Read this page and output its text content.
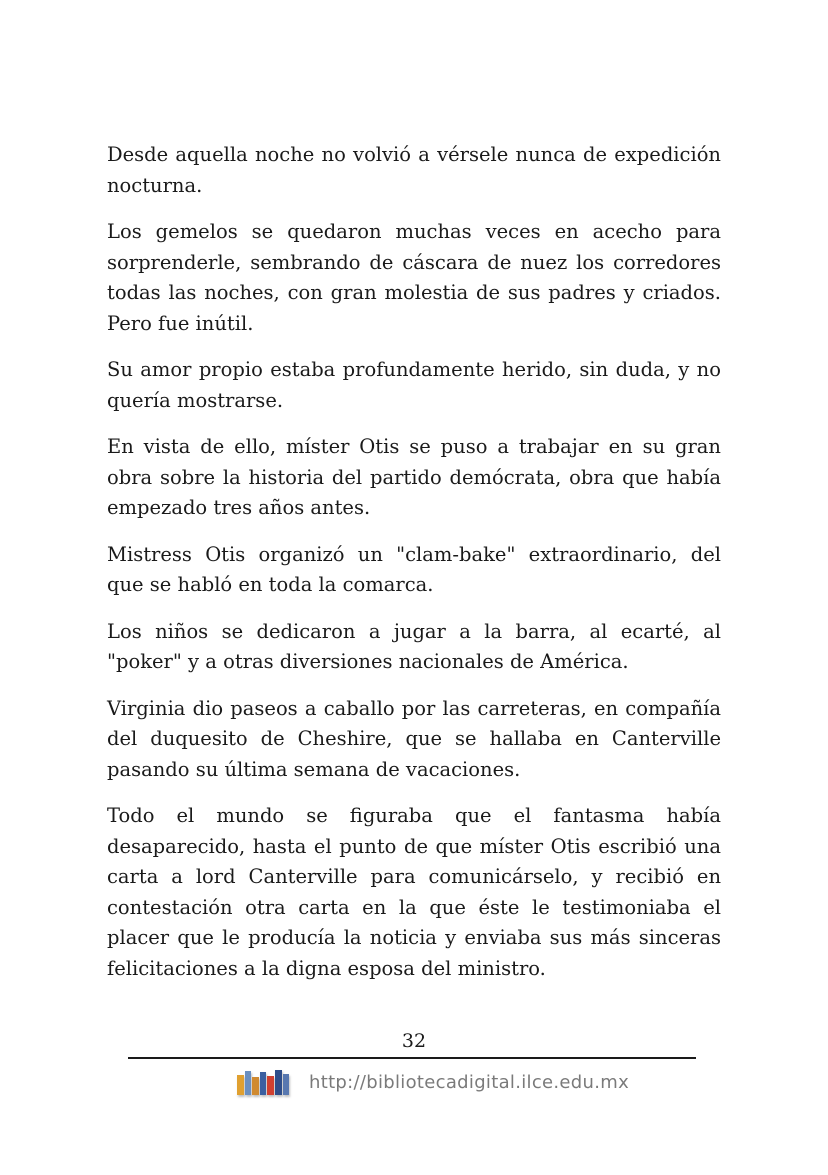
Desde aquella noche no volvió a vérsele nunca de expedición nocturna.

Los gemelos se quedaron muchas veces en acecho para sorprenderle, sembrando de cáscara de nuez los corredores todas las noches, con gran molestia de sus padres y criados. Pero fue inútil.

Su amor propio estaba profundamente herido, sin duda, y no quería mostrarse.

En vista de ello, míster Otis se puso a trabajar en su gran obra sobre la historia del partido demócrata, obra que había empezado tres años antes.

Mistress Otis organizó un "clam-bake" extraordinario, del que se habló en toda la comarca.

Los niños se dedicaron a jugar a la barra, al ecarté, al "poker" y a otras diversiones nacionales de América.

Virginia dio paseos a caballo por las carreteras, en compañía del duquesito de Cheshire, que se hallaba en Canterville pasando su última semana de vacaciones.

Todo el mundo se figuraba que el fantasma había desaparecido, hasta el punto de que míster Otis escribió una carta a lord Canterville para comunicárselo, y recibió en contestación otra carta en la que éste le testimoniaba el placer que le producía la noticia y enviaba sus más sinceras felicitaciones a la digna esposa del ministro.

32
http://bibliotecadigital.ilce.edu.mx
